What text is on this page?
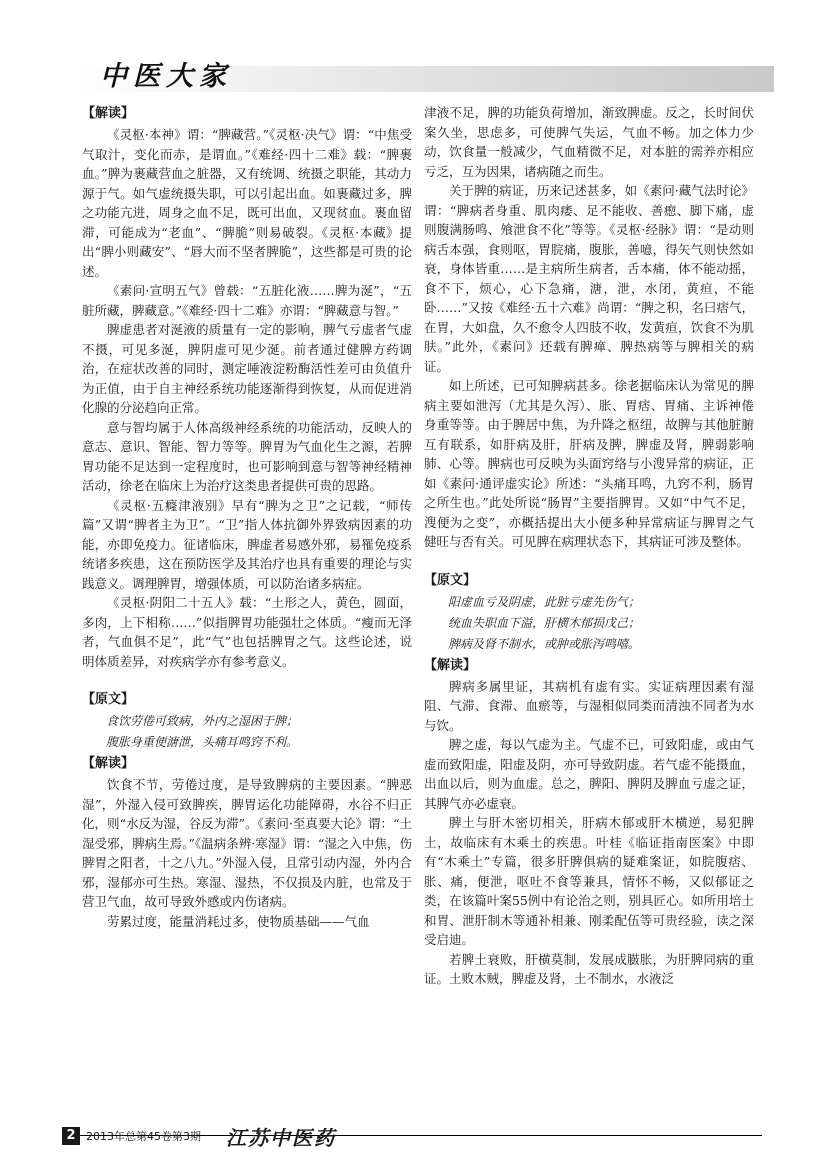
中医大家
【解读】

《灵枢·本神》谓：“脾藏营。”《灵枢·决气》谓：“中焦受气取汁，变化而赤，是谓血。”《难经·四十二难》载：“脾裹血。”脾为裹藏营血之脏器，又有统调、统摄之职能，其动力源于气。如气虚统摄失职，可以引起出血。如裹藏过多，脾之功能亢进，周身之血不足，既可出血，又现贫血。裹血留滞，可能成为“老血”、“脾脆”则易破裂。《灵枢·本藏》提出“脾小则藏安”、“唇大而不坚者脾脆”，这些都是可贵的论述。

《素问·宣明五气》曾载：“五脏化液……脾为涎”，“五脏所藏，脾藏意。”《难经·四十二难》亦谓：“脾藏意与智。”

脾虚患者对涎液的质量有一定的影响，脾气亏虚者气虚不摄，可见多涎，脾阴虚可见少涎。前者通过健脾方药调治，在症状改善的同时，测定唾液淀粉酶活性差可由负值升为正值，由于自主神经系统功能逐渐得到恢复，从而促进消化腺的分泌趋向正常。

意与智均属于人体高级神经系统的功能活动，反映人的意志、意识、智能、智力等等。脾胃为气血化生之源，若脾胃功能不足达到一定程度时，也可影响到意与智等神经精神活动，徐老在临床上为治疗这类患者提供可贵的思路。

《灵枢·五癃津液别》早有“脾为之卫”之记载，“师传篇”又谓“脾者主为卫”。“卫”指人体抗御外界致病因素的功能，亦即免疫力。征诸临床，脾虚者易感外邪，易罹免疫系统诸多疾患，这在预防医学及其治疗也具有重要的理论与实践意义。调理脾胃，增强体质，可以防治诸多病症。

《灵枢·阴阳二十五人》载：“土形之人，黄色，圆面，多肉，上下相称……”似指脾胃功能强壮之体质。“瘦而无泽者，气血俱不足”，此“气”也包括脾胃之气。这些论述，说明体质差异，对疾病学亦有参考意义。

【原文】
食饮劳倦可致病，外内之湿困于脾；
腹胀身重便溏泄，头痛耳鸣窍不利。
【解读】

饮食不节，劳倦过度，是导致脾病的主要因素。“脾恶湿”，外湿入侵可致脾疾，脾胃运化功能障碍，水谷不归正化，则“水反为湿，谷反为滞”。《素问·至真要大论》谓：“土湿受邪，脾病生焉。”《温病条辨·寒湿》谓：“湿之入中焦，伤脾胃之阳者，十之八九。”外湿入侵，且常引动内湿，外内合邪，湿郁亦可生热。寒湿、湿热，不仅损及内脏，也常及于营卫气血，故可导致外感或内伤诸病。

劳累过度，能量消耗过多，使物质基础——气血

津液不足，脾的功能负荷增加，渐致脾虚。反之，长时间伏案久坐，思虑多，可使脾气失运，气血不畅。加之体力少动，饮食量一般减少，气血精微不足，对本脏的需养亦相应亏乏，互为因果，诸病随之而生。

关于脾的病证，历来记述甚多，如《素问·藏气法时论》谓：“脾病者身重、肌肉痿、足不能收、善瘛、脚下痛，虚则腹满肠鸣、飧泄食不化”等等。《灵枢·经脉》谓：“是动则病舌本强，食则呕，胃脘痛，腹胀，善噫，得矢气则快然如衰，身体皆重……是主病所生病者，舌本痛，体不能动摇，食不下，烦心，心下急痛，溏，泄，水闭，黄疸，不能卧……”又按《难经·五十六难》尚谓：“脾之积，名曰痞气，在胃，大如盘，久不愈令人四肢不收，发黄疸，饮食不为肌肤。”此外，《素问》还载有脾瘅、脾热病等与脾相关的病证。

如上所述，已可知脾病甚多。徐老据临床认为常见的脾病主要如泄泻（尤其是久泻）、胀、胃痞、胃痛、主诉神倦身重等等。由于脾居中焦，为升降之枢纽，故脾与其他脏腑互有联系，如肝病及肝，肝病及脾，脾虚及肾，脾弱影响肺、心等。脾病也可反映为头面窍络与小溲异常的病证，正如《素问·通评虚实论》所述：“头痛耳鸣，九窍不利，肠胃之所生也。”此处所说“肠胃”主要指脾胃。又如“中气不足，溲便为之变”，亦概括提出大小便多种异常病证与脾胃之气健旺与否有关。可见脾在病理状态下，其病证可涉及整体。

【原文】
阳虚血亏及阴虚，此脏亏虚先伤气；
统血失职血下溢，肝横木郁损戊己；
脾病及肾不制水，或肿或胀泻鸣嘻。
【解读】

脾病多属里证，其病机有虚有实。实证病理因素有湿阻、气滞、食滞、血瘀等，与湿相似同类而清浊不同者为水与饮。

脾之虚，每以气虚为主。气虚不已，可致阳虚，或由气虚而致阳虚，阳虚及阴，亦可导致阴虚。若气虚不能摄血，出血以后，则为血虚。总之，脾阳、脾阴及脾血亏虚之证，其脾气亦必虚衰。

脾土与肝木密切相关，肝病木郁或肝木横逆，易犯脾土，故临床有木乘土的疾患。叶桂《临证指南医案》中即有“木乘土”专篇，很多肝脾俱病的疑难案证，如脘腹痞、胀、痛，便泄，呕吐不食等兼具，情怀不畅，又似郁证之类，在该篇叶案55例中有论治之则，别具匠心。如所用培土和胃、泄肝制木等通补相兼、刚柔配伍等可贵经验，读之深受启迪。

若脾土衰败，肝横莫制，发展成臌胀，为肝脾同病的重证。土败木贼，脾虚及肾，土不制水，水液泛

2 2013年总第45卷第3期 江苏中医药
